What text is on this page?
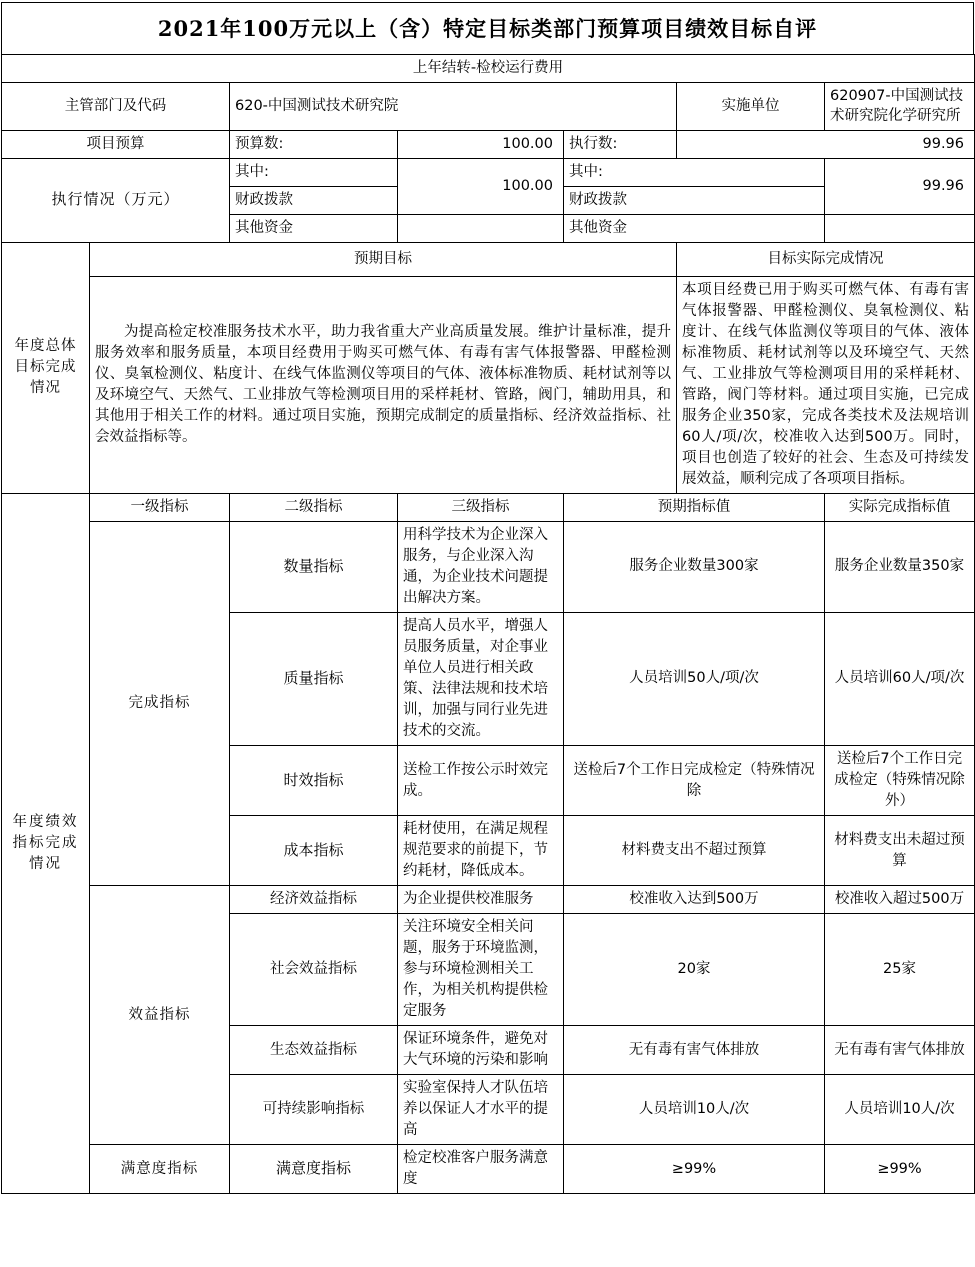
2021年100万元以上（含）特定目标类部门预算项目绩效目标自评
上年结转-检校运行费用						
主管部门及代码		620-中国测试技术研究院			实施单位	620907-中国测试技术研究院化学研究所
项目预算		预算数:	100.00	执行数:	99.96	
执行情况（万元）		其中:	100.00	其中:		99.96
		财政拨款		财政拨款		
		其他资金		其他资金		
年度总体目标完成情况	预期目标				目标实际完成情况	
	为提高检定校准服务技术水平，助力我省重大产业高质量发展。维护计量标准，提升服务效率和服务质量，本项目经费用于购买可燃气体、有毒有害气体报警器、甲醛检测仪、臭氧检测仪、粘度计、在线气体监测仪等项目的气体、液体标准物质、耗材试剂等以及环境空气、天然气、工业排放气等检测项目用的采样耗材、管路，阀门，辅助用具，和其他用于相关工作的材料。通过项目实施，预期完成制定的质量指标、经济效益指标、社会效益指标等。				本项目经费已用于购买可燃气体、有毒有害气体报警器、甲醛检测仪、臭氧检测仪、粘度计、在线气体监测仪等项目的气体、液体标准物质、耗材试剂等以及环境空气、天然气、工业排放气等检测项目用的采样耗材、管路，阀门等材料。通过项目实施，已完成服务企业350家，完成各类技术及法规培训60人/项/次，校准收入达到500万。同时，项目也创造了较好的社会、生态及可持续发展效益，顺利完成了各项项目指标。	
年度绩效指标完成情况	一级指标	二级指标	三级指标	预期指标值		实际完成指标值
	完成指标	数量指标	用科学技术为企业深入服务，与企业深入沟通，为企业技术问题提出解决方案。	服务企业数量300家		服务企业数量350家
		质量指标	提高人员水平，增强人员服务质量，对企事业单位人员进行相关政策、法律法规和技术培训，加强与同行业先进技术的交流。	人员培训50人/项/次		人员培训60人/项/次
		时效指标	送检工作按公示时效完成。	送检后7个工作日完成检定（特殊情况除		送检后7个工作日完成检定（特殊情况除外）
		成本指标	耗材使用，在满足规程规范要求的前提下，节约耗材，降低成本。	材料费支出不超过预算		材料费支出未超过预算
	效益指标	经济效益指标	为企业提供校准服务	校准收入达到500万		校准收入超过500万
		社会效益指标	关注环境安全相关问题，服务于环境监测，参与环境检测相关工作，为相关机构提供检定服务	20家		25家
		生态效益指标	保证环境条件，避免对大气环境的污染和影响	无有毒有害气体排放		无有毒有害气体排放
		可持续影响指标	实验室保持人才队伍培养以保证人才水平的提高	人员培训10人/次		人员培训10人/次
	满意度指标	满意度指标	检定校准客户服务满意度	≥99%		≥99%
